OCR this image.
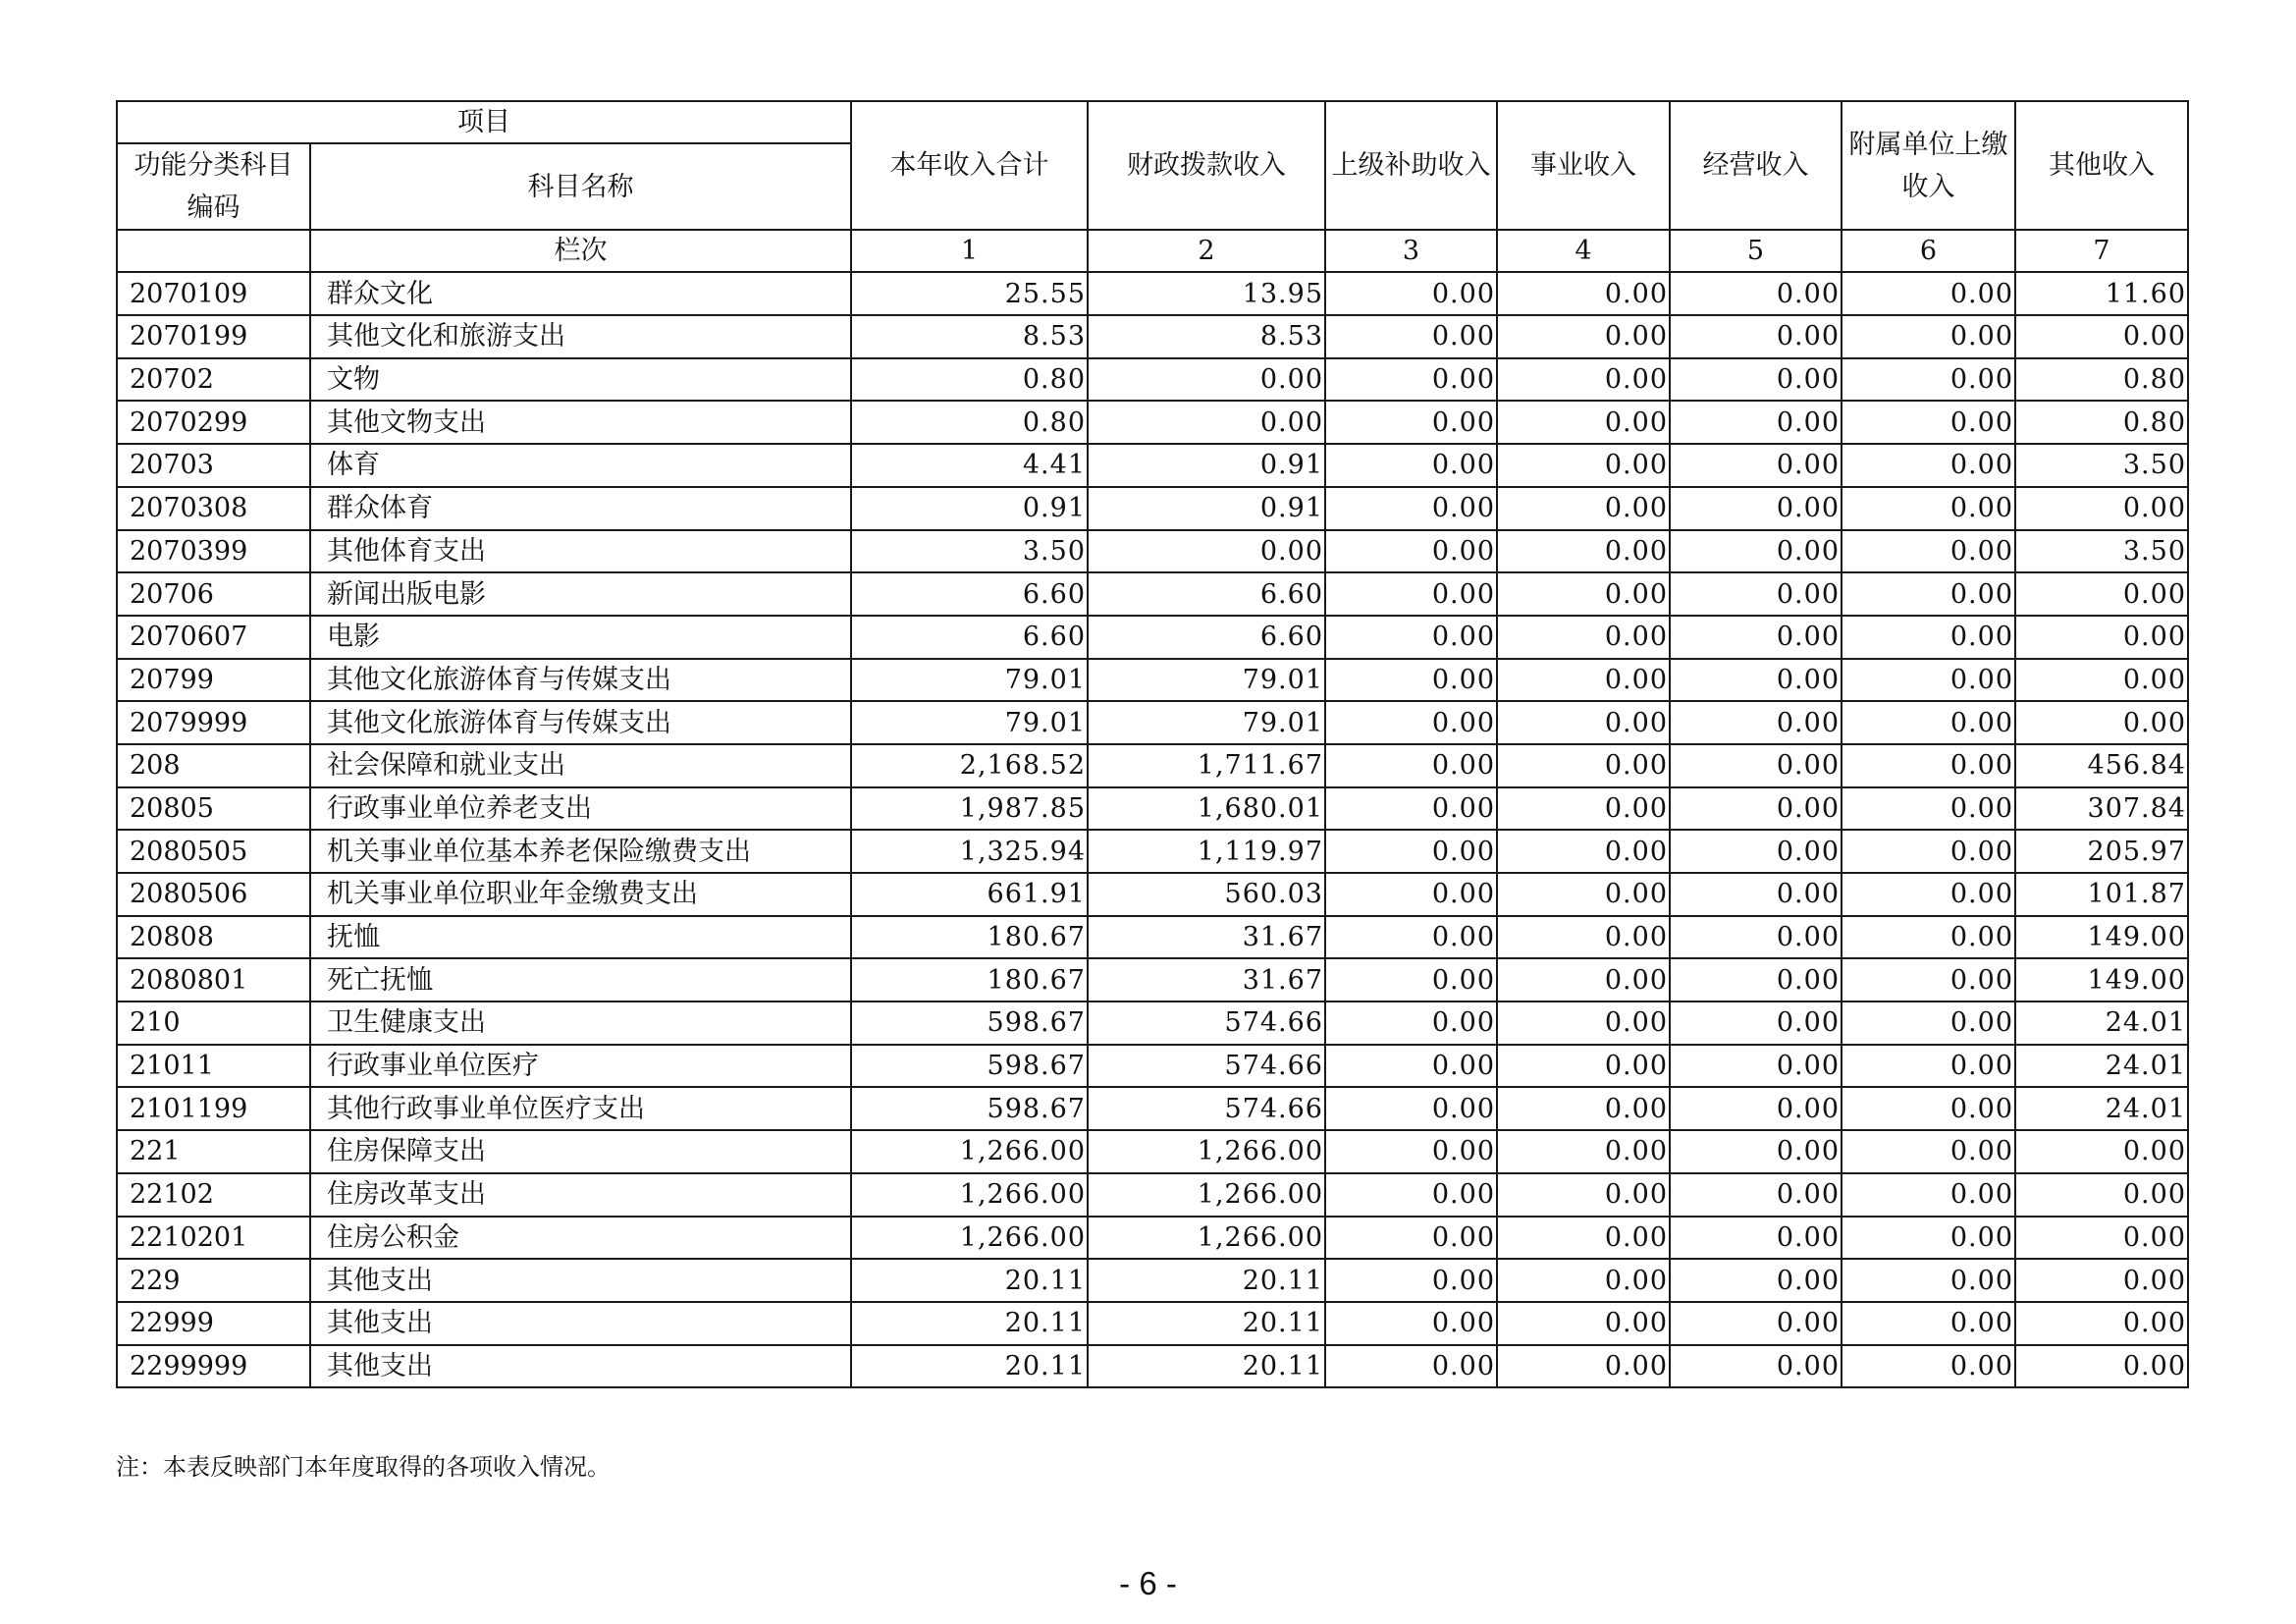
项目		本年收入合计	财政拨款收入	上级补助收入	事业收入	经营收入	附属单位上缴收入	其他收入
功能分类科目编码	科目名称							
	栏次	1	2	3	4	5	6	7
2070109	群众文化	25.55	13.95	0.00	0.00	0.00	0.00	11.60
2070199	其他文化和旅游支出	8.53	8.53	0.00	0.00	0.00	0.00	0.00
20702	文物	0.80	0.00	0.00	0.00	0.00	0.00	0.80
2070299	其他文物支出	0.80	0.00	0.00	0.00	0.00	0.00	0.80
20703	体育	4.41	0.91	0.00	0.00	0.00	0.00	3.50
2070308	群众体育	0.91	0.91	0.00	0.00	0.00	0.00	0.00
2070399	其他体育支出	3.50	0.00	0.00	0.00	0.00	0.00	3.50
20706	新闻出版电影	6.60	6.60	0.00	0.00	0.00	0.00	0.00
2070607	电影	6.60	6.60	0.00	0.00	0.00	0.00	0.00
20799	其他文化旅游体育与传媒支出	79.01	79.01	0.00	0.00	0.00	0.00	0.00
2079999	其他文化旅游体育与传媒支出	79.01	79.01	0.00	0.00	0.00	0.00	0.00
208	社会保障和就业支出	2,168.52	1,711.67	0.00	0.00	0.00	0.00	456.84
20805	行政事业单位养老支出	1,987.85	1,680.01	0.00	0.00	0.00	0.00	307.84
2080505	机关事业单位基本养老保险缴费支出	1,325.94	1,119.97	0.00	0.00	0.00	0.00	205.97
2080506	机关事业单位职业年金缴费支出	661.91	560.03	0.00	0.00	0.00	0.00	101.87
20808	抚恤	180.67	31.67	0.00	0.00	0.00	0.00	149.00
2080801	死亡抚恤	180.67	31.67	0.00	0.00	0.00	0.00	149.00
210	卫生健康支出	598.67	574.66	0.00	0.00	0.00	0.00	24.01
21011	行政事业单位医疗	598.67	574.66	0.00	0.00	0.00	0.00	24.01
2101199	其他行政事业单位医疗支出	598.67	574.66	0.00	0.00	0.00	0.00	24.01
221	住房保障支出	1,266.00	1,266.00	0.00	0.00	0.00	0.00	0.00
22102	住房改革支出	1,266.00	1,266.00	0.00	0.00	0.00	0.00	0.00
2210201	住房公积金	1,266.00	1,266.00	0.00	0.00	0.00	0.00	0.00
229	其他支出	20.11	20.11	0.00	0.00	0.00	0.00	0.00
22999	其他支出	20.11	20.11	0.00	0.00	0.00	0.00	0.00
2299999	其他支出	20.11	20.11	0.00	0.00	0.00	0.00	0.00
注：本表反映部门本年度取得的各项收入情况。
- 6 -
